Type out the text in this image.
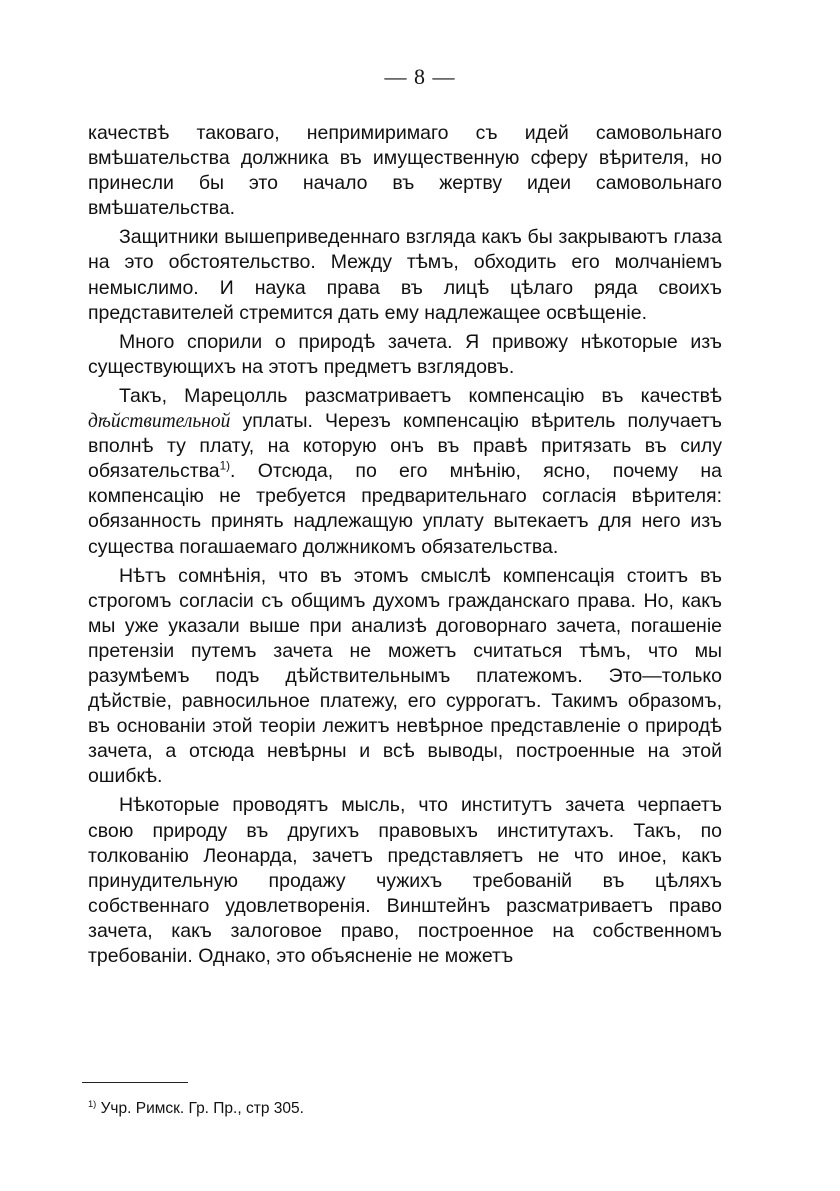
— 8 —

качествѣ таковаго, непримиримаго съ идей самовольнаго вмѣшательства должника въ имущественную сферу вѣрителя, но принесли бы это начало въ жертву идеи самовольнаго вмѣшательства.

Защитники вышеприведеннаго взгляда какъ бы закрываютъ глаза на это обстоятельство. Между тѣмъ, обходить его молчаніемъ немыслимо. И наука права въ лицѣ цѣлаго ряда своихъ представителей стремится дать ему надлежащее освѣщеніе.

Много спорили о природѣ зачета. Я привожу нѣкоторые изъ существующихъ на этотъ предметъ взглядовъ.

Такъ, Марецолль разсматриваетъ компенсацію въ качествѣ дѣйствительной уплаты. Черезъ компенсацію вѣритель получаетъ вполнѣ ту плату, на которую онъ въ правѣ притязать въ силу обязательства$^{1)}$. Отсюда, по его мнѣнію, ясно, почему на компенсацію не требуется предварительнаго согласія вѣрителя: обязанность принять надлежащую уплату вытекаетъ для него изъ существа погашаемаго должникомъ обязательства.

Нѣтъ сомнѣнія, что въ этомъ смыслѣ компенсація стоитъ въ строгомъ согласіи съ общимъ духомъ гражданскаго права. Но, какъ мы уже указали выше при анализѣ договорнаго зачета, погашеніе претензіи путемъ зачета не можетъ считаться тѣмъ, что мы разумѣемъ подъ дѣйствительнымъ платежомъ. Это—только дѣйствіе, равносильное платежу, его суррогатъ. Такимъ образомъ, въ основаніи этой теоріи лежитъ невѣрное представленіе о природѣ зачета, а отсюда невѣрны и всѣ выводы, построенные на этой ошибкѣ.

Нѣкоторые проводятъ мысль, что институтъ зачета черпаетъ свою природу въ другихъ правовыхъ институтахъ. Такъ, по толкованію Леонарда, зачетъ представляетъ не что иное, какъ принудительную продажу чужихъ требованій въ цѣляхъ собственнаго удовлетворенія. Винштейнъ разсматриваетъ право зачета, какъ залоговое право, построенное на собственномъ требованіи. Однако, это объясненіе не можетъ

$^{1)}$ Учр. Римск. Гр. Пр., стр 305.
